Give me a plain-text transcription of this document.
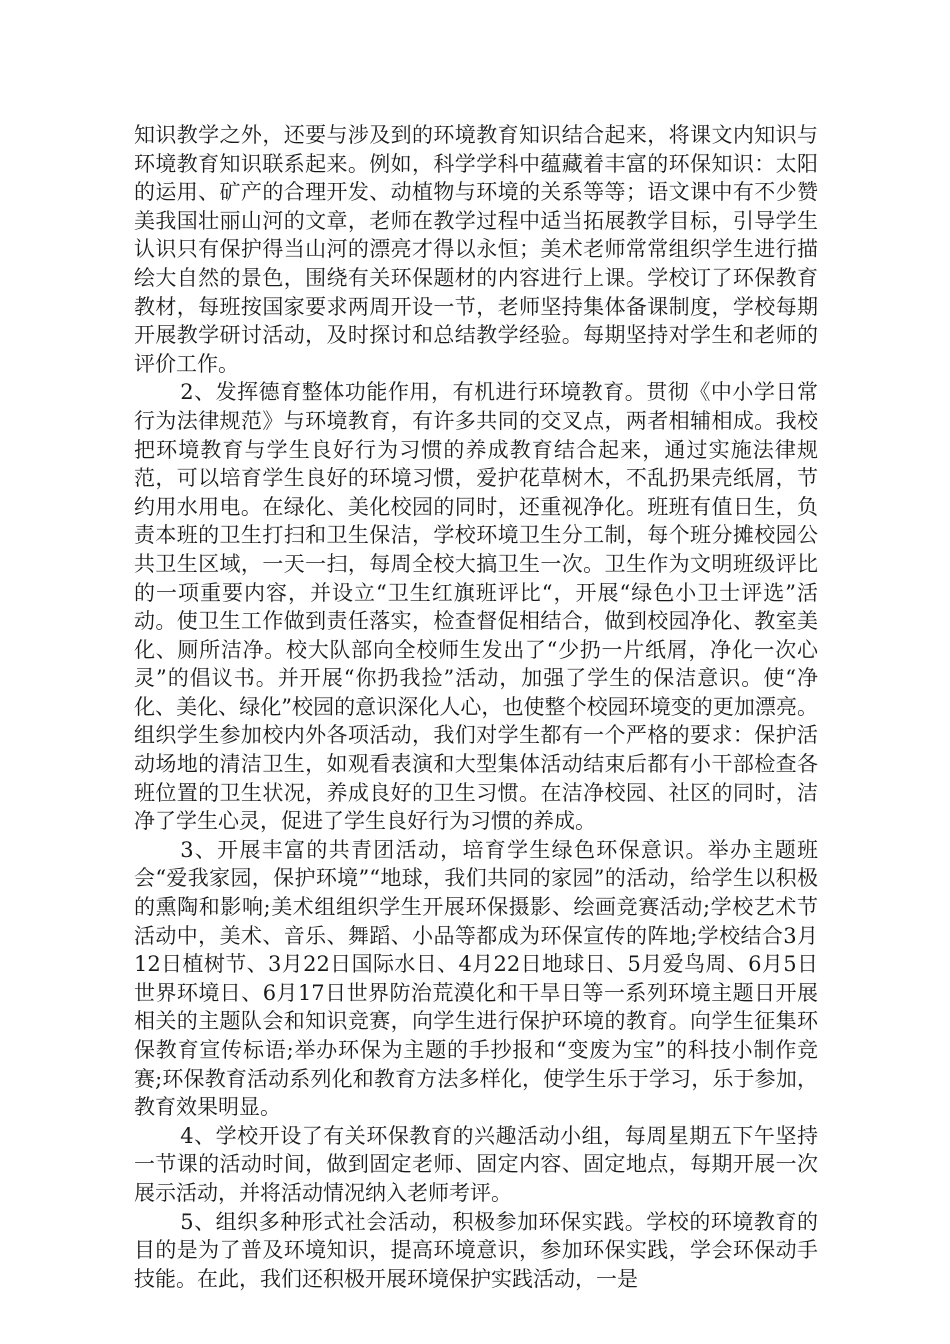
知识教学之外，还要与涉及到的环境教育知识结合起来，将课文内知识与环境教育知识联系起来。例如，科学学科中蕴藏着丰富的环保知识：太阳的运用、矿产的合理开发、动植物与环境的关系等等；语文课中有不少赞美我国壮丽山河的文章，老师在教学过程中适当拓展教学目标，引导学生认识只有保护得当山河的漂亮才得以永恒；美术老师常常组织学生进行描绘大自然的景色，围绕有关环保题材的内容进行上课。学校订了环保教育教材，每班按国家要求两周开设一节，老师坚持集体备课制度，学校每期开展教学研讨活动，及时探讨和总结教学经验。每期坚持对学生和老师的评价工作。

2、发挥德育整体功能作用，有机进行环境教育。贯彻《中小学日常行为法律规范》与环境教育，有许多共同的交叉点，两者相辅相成。我校把环境教育与学生良好行为习惯的养成教育结合起来，通过实施法律规范，可以培育学生良好的环境习惯，爱护花草树木，不乱扔果壳纸屑，节约用水用电。在绿化、美化校园的同时，还重视净化。班班有值日生，负责本班的卫生打扫和卫生保洁，学校环境卫生分工制，每个班分摊校园公共卫生区域，一天一扫，每周全校大搞卫生一次。卫生作为文明班级评比的一项重要内容，并设立“卫生红旗班评比“，开展“绿色小卫士评选”活动。使卫生工作做到责任落实，检查督促相结合，做到校园净化、教室美化、厕所洁净。校大队部向全校师生发出了“少扔一片纸屑，净化一次心灵”的倡议书。并开展“你扔我捡”活动，加强了学生的保洁意识。使“净化、美化、绿化”校园的意识深化人心，也使整个校园环境变的更加漂亮。组织学生参加校内外各项活动，我们对学生都有一个严格的要求：保护活动场地的清洁卫生，如观看表演和大型集体活动结束后都有小干部检查各班位置的卫生状况，养成良好的卫生习惯。在洁净校园、社区的同时，洁净了学生心灵，促进了学生良好行为习惯的养成。

3、开展丰富的共青团活动，培育学生绿色环保意识。举办主题班会“爱我家园，保护环境”“地球，我们共同的家园”的活动，给学生以积极的熏陶和影响;美术组组织学生开展环保摄影、绘画竞赛活动;学校艺术节活动中，美术、音乐、舞蹈、小品等都成为环保宣传的阵地;学校结合3月12日植树节、3月22日国际水日、4月22日地球日、5月爱鸟周、6月5日世界环境日、6月17日世界防治荒漠化和干旱日等一系列环境主题日开展相关的主题队会和知识竞赛，向学生进行保护环境的教育。向学生征集环保教育宣传标语;举办环保为主题的手抄报和“变废为宝”的科技小制作竞赛;环保教育活动系列化和教育方法多样化，使学生乐于学习，乐于参加，教育效果明显。

4、学校开设了有关环保教育的兴趣活动小组，每周星期五下午坚持一节课的活动时间，做到固定老师、固定内容、固定地点，每期开展一次展示活动，并将活动情况纳入老师考评。

5、组织多种形式社会活动，积极参加环保实践。学校的环境教育的目的是为了普及环境知识，提高环境意识，参加环保实践，学会环保动手技能。在此，我们还积极开展环境保护实践活动，一是
